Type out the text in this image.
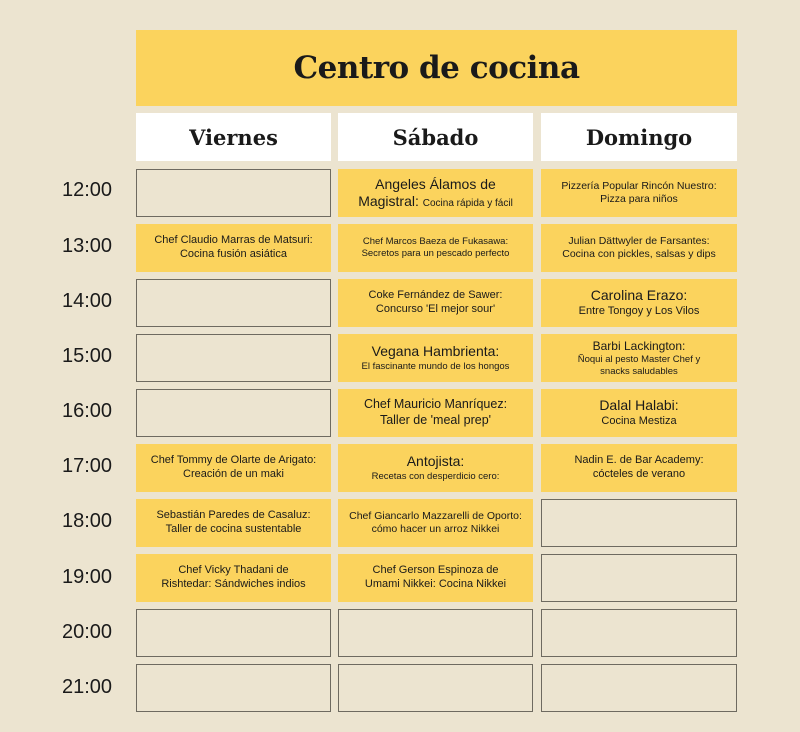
Centro de cocina
Viernes	Sábado	Domingo
12:00
13:00
14:00
15:00
16:00
17:00
18:00
19:00
20:00
21:00
Chef Claudio Marras de Matsuri:
Cocina fusión asiática
Chef Tommy de Olarte de Arigato:
Creación de un maki
Sebastián Paredes de Casaluz:
Taller de cocina sustentable
Chef Vicky Thadani de
Rishtedar: Sándwiches indios
Angeles Álamos de
Magistral: Cocina rápida y fácil
Chef Marcos Baeza de Fukasawa:
Secretos para un pescado perfecto
Coke Fernández de Sawer:
Concurso 'El mejor sour'
Vegana Hambrienta:
El fascinante mundo de los hongos
Chef Mauricio Manríquez:
Taller de 'meal prep'
Antojista:
Recetas con desperdicio cero:
Chef Giancarlo Mazzarelli de Oporto:
cómo hacer un arroz Nikkei
Chef Gerson Espinoza de
Umami Nikkei: Cocina Nikkei
Pizzería Popular Rincón Nuestro:
Pizza para niños
Julian Dättwyler de Farsantes:
Cocina con pickles, salsas y dips
Carolina Erazo:
Entre Tongoy y Los Vilos
Barbi Lackington:
Ñoqui al pesto Master Chef y
snacks saludables
Dalal Halabi:
Cocina Mestiza
Nadin E. de Bar Academy:
cócteles de verano
